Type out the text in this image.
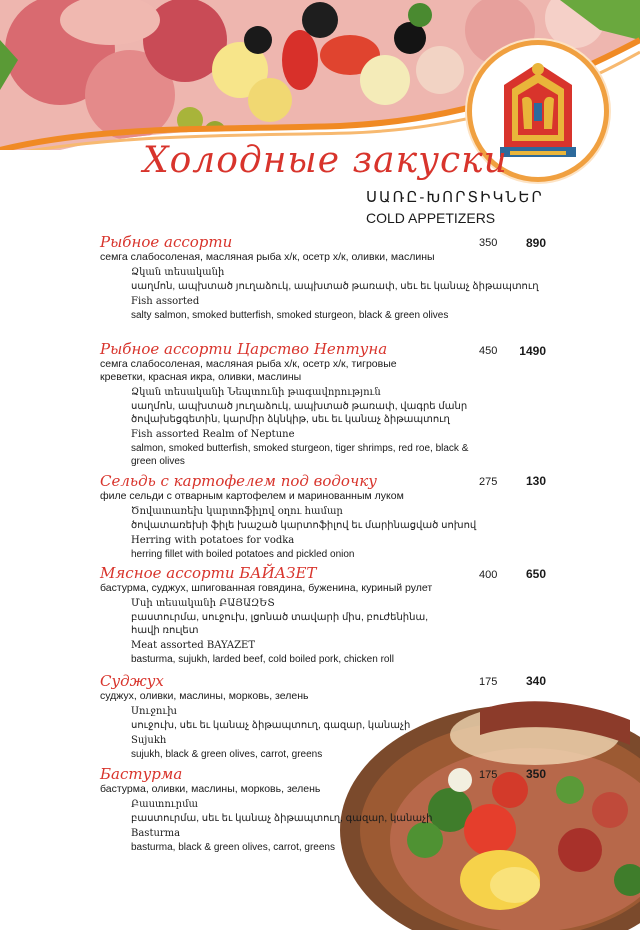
Холодные закуски
ՍԱՌԸ-ԽՈՐՏԻԿՆԵՐ
COLD APPETIZERS
Рыбное ассорти
семга слабосоленая, масляная рыба х/к, осетр х/к, оливки, маслины
Ձկան տեսականի
սաղմոն, ապխտած յուղաձուկ, ապխտած թառափ, սեւ եւ կանաչ ձիթապտուղ
Fish assorted
salty salmon, smoked butterfish, smoked sturgeon, black & green olives
350	890
Рыбное ассорти Царство Нептуна
семга слабосоленая, масляная рыба х/к, осетр х/к, тигровые креветки, красная икра, оливки, маслины
Ձկան տեսականի Նեպտունի թագավորություն
սաղմոն, ապխտած յուղաձուկ, ապխտած թառափ, վագրե մանր ծովախեցգետին, կարմիր ձկնկիթ, սեւ եւ կանաչ ձիթապտուղ
Fish assorted Realm of Neptune
salmon, smoked butterfish, smoked sturgeon, tiger shrimps, red roe, black & green olives
450	1490
Сельдь с картофелем под водочку
филе сельди с отварным картофелем и маринованным луком
Ծովատառեխ կարտոֆիլով օղու համար
ծովատառեխի ֆիլե խաշած կարտոֆիլով եւ մարինացված սոխով
Herring with potatoes for vodka
herring fillet with boiled potatoes and pickled onion
275	130
Мясное ассорти БАЙАЗЕТ
бастурма, суджух, шпигованная говядина, буженина, куриный рулет
Մսի տեսականի ԲԱՅԱԶԵՏ
բաստուրմա, սուջուխ, լցոնած տավարի միս, բուժենինա, հավի ռուլետ
Meat assorted BAYAZET
basturma, sujukh, larded beef, cold boiled pork, chicken roll
400	650
Суджух
суджух, оливки, маслины, морковь, зелень
Սուջուխ
սուջուխ, սեւ եւ կանաչ ձիթապտուղ, գազար, կանաչի
Sujukh
sujukh, black & green olives, carrot, greens
175	340
Бастурма
бастурма, оливки, маслины, морковь, зелень
Բաստուրմա
բաստուրմա, սեւ եւ կանաչ ձիթապտուղ, գազար, կանաչի
Basturma
basturma, black & green olives, carrot, greens
175	350
